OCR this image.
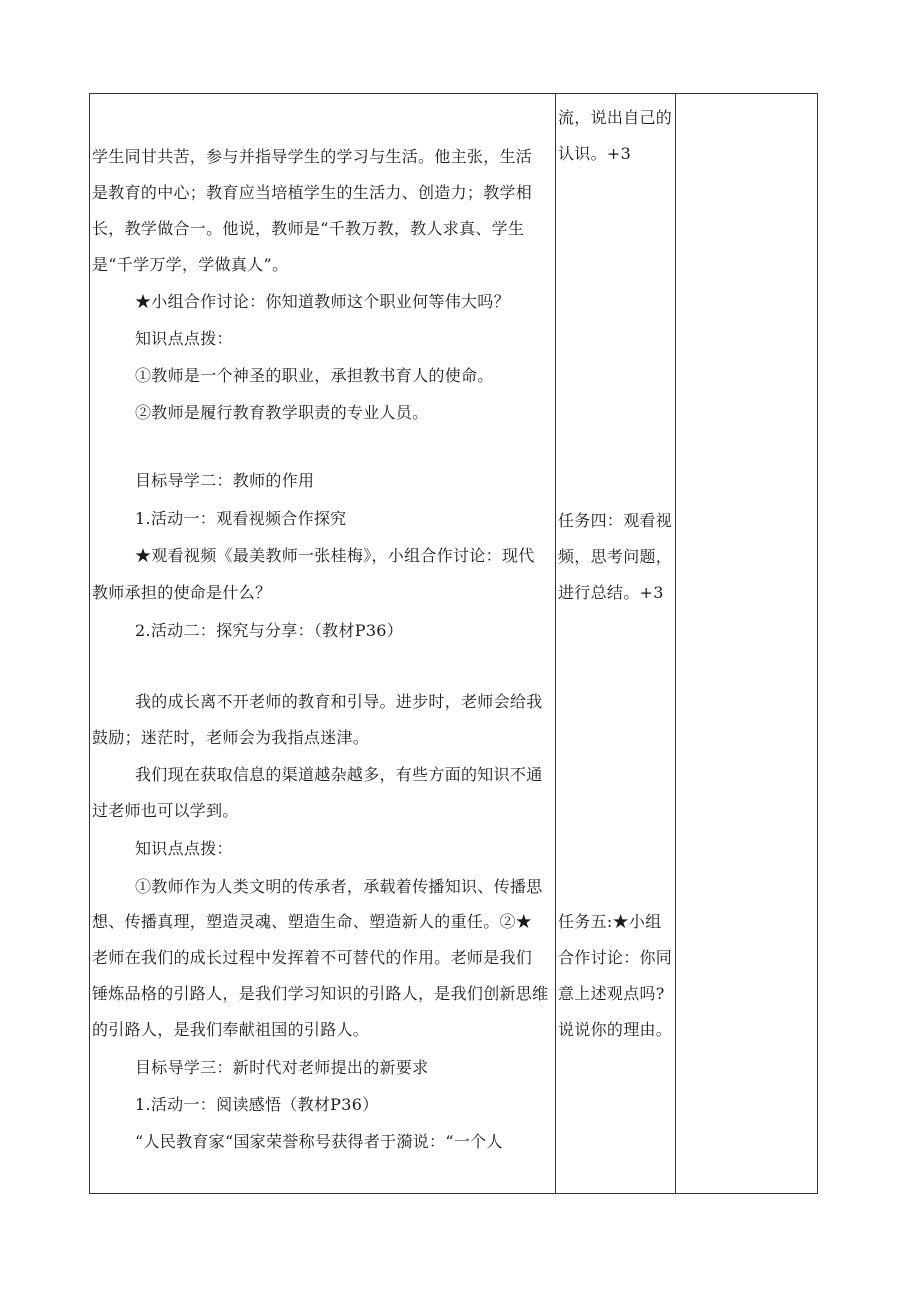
学生同甘共苦，参与并指导学生的学习与生活。他主张，生活
是教育的中心；教育应当培植学生的生活力、创造力；教学相
长，教学做合一。他说，教师是“千教万教，教人求真、学生
是“千学万学，学做真人”。
★小组合作讨论：你知道教师这个职业何等伟大吗？
知识点点拨：
①教师是一个神圣的职业，承担教书育人的使命。
②教师是履行教育教学职责的专业人员。
目标导学二：教师的作用
1.活动一：观看视频合作探究
★观看视频《最美教师一张桂梅》，小组合作讨论：现代
教师承担的使命是什么？
2.活动二：探究与分享：（教材P36）
我的成长离不开老师的教育和引导。进步时，老师会给我
鼓励；迷茫时，老师会为我指点迷津。
我们现在获取信息的渠道越杂越多，有些方面的知识不通
过老师也可以学到。
知识点点拨：
①教师作为人类文明的传承者，承载着传播知识、传播思
想、传播真理，塑造灵魂、塑造生命、塑造新人的重任。②★
老师在我们的成长过程中发挥着不可替代的作用。老师是我们
锤炼品格的引路人，是我们学习知识的引路人，是我们创新思维
的引路人，是我们奉献祖国的引路人。
目标导学三：新时代对老师提出的新要求
1.活动一：阅读感悟（教材P36）
“人民教育家“国家荣誉称号获得者于漪说：“一个人
流，说出自己的
认识。+3
任务四：观看视
频，思考问题，
进行总结。+3
任务五:★小组
合作讨论：你同
意上述观点吗?
说说你的理由。
